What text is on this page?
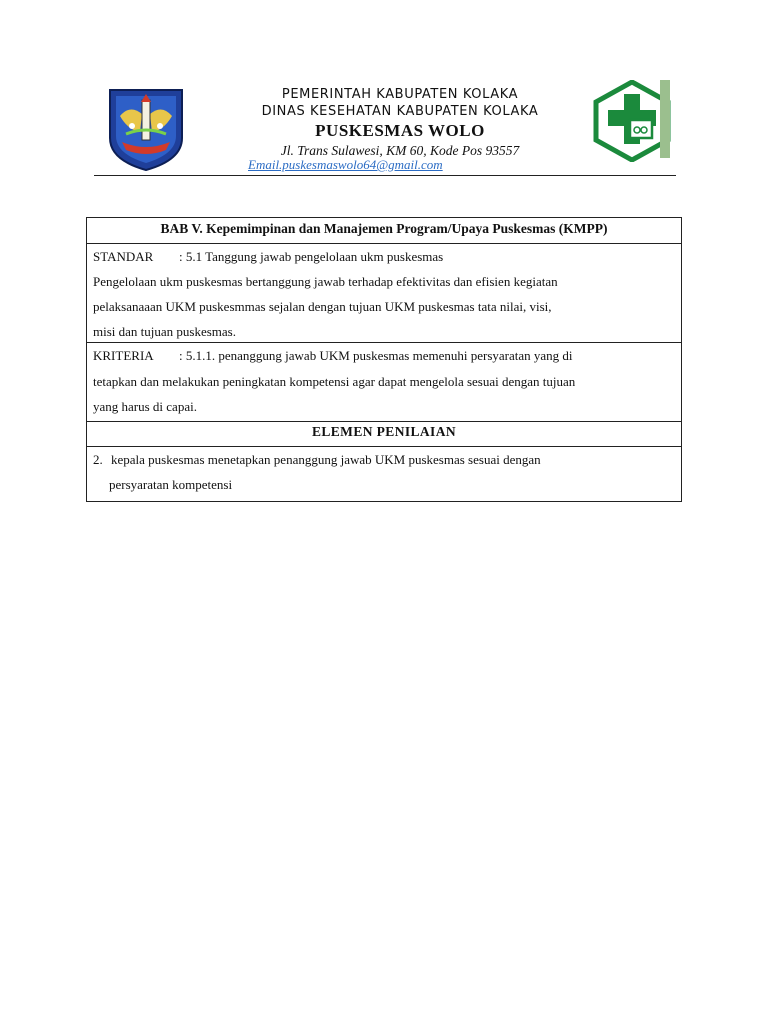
PEMERINTAH KABUPATEN KOLAKA
DINAS KESEHATAN KABUPATEN KOLAKA
PUSKESMAS WOLO
Jl. Trans Sulawesi, KM 60, Kode Pos 93557
Email.puskesmaswolo64@gmail.com
BAB V. Kepemimpinan dan Manajemen Program/Upaya Puskesmas (KMPP)
STANDAR : 5.1 Tanggung jawab pengelolaan ukm puskesmas
Pengelolaan ukm puskesmas bertanggung jawab terhadap efektivitas dan efisien kegiatan
pelaksanaaan UKM puskesmmas sejalan dengan tujuan UKM puskesmas tata nilai, visi,
misi dan tujuan puskesmas.
KRITERIA : 5.1.1. penanggung jawab UKM puskesmas memenuhi persyaratan yang di
tetapkan dan melakukan peningkatan kompetensi agar dapat mengelola sesuai dengan tujuan
yang harus di capai.
ELEMEN PENILAIAN
2. kepala puskesmas menetapkan penanggung jawab UKM puskesmas sesuai dengan
persyaratan kompetensi
